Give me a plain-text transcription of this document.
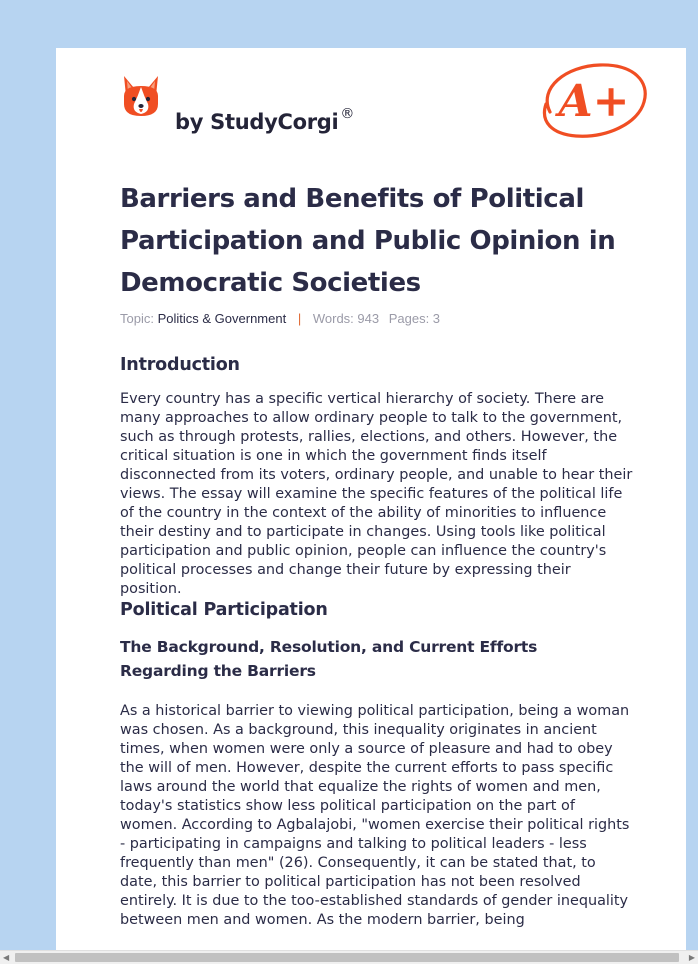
by StudyCorgi ®	A+
Barriers and Benefits of Political Participation and Public Opinion in Democratic Societies
Topic: Politics & Government | Words: 943 Pages: 3
Introduction

Every country has a specific vertical hierarchy of society. There are many approaches to allow ordinary people to talk to the government, such as through protests, rallies, elections, and others. However, the critical situation is one in which the government finds itself disconnected from its voters, ordinary people, and unable to hear their views. The essay will examine the specific features of the political life of the country in the context of the ability of minorities to influence their destiny and to participate in changes. Using tools like political participation and public opinion, people can influence the country's political processes and change their future by expressing their position.

Political Participation
The Background, Resolution, and Current Efforts Regarding the Barriers

As a historical barrier to viewing political participation, being a woman was chosen. As a background, this inequality originates in ancient times, when women were only a source of pleasure and had to obey the will of men. However, despite the current efforts to pass specific laws around the world that equalize the rights of women and men, today's statistics show less political participation on the part of women. According to Agbalajobi, "women exercise their political rights - participating in campaigns and talking to political leaders - less frequently than men" (26). Consequently, it can be stated that, to date, this barrier to political participation has not been resolved entirely. It is due to the too-established standards of gender inequality between men and women. As the modern barrier, being

◀	▶
